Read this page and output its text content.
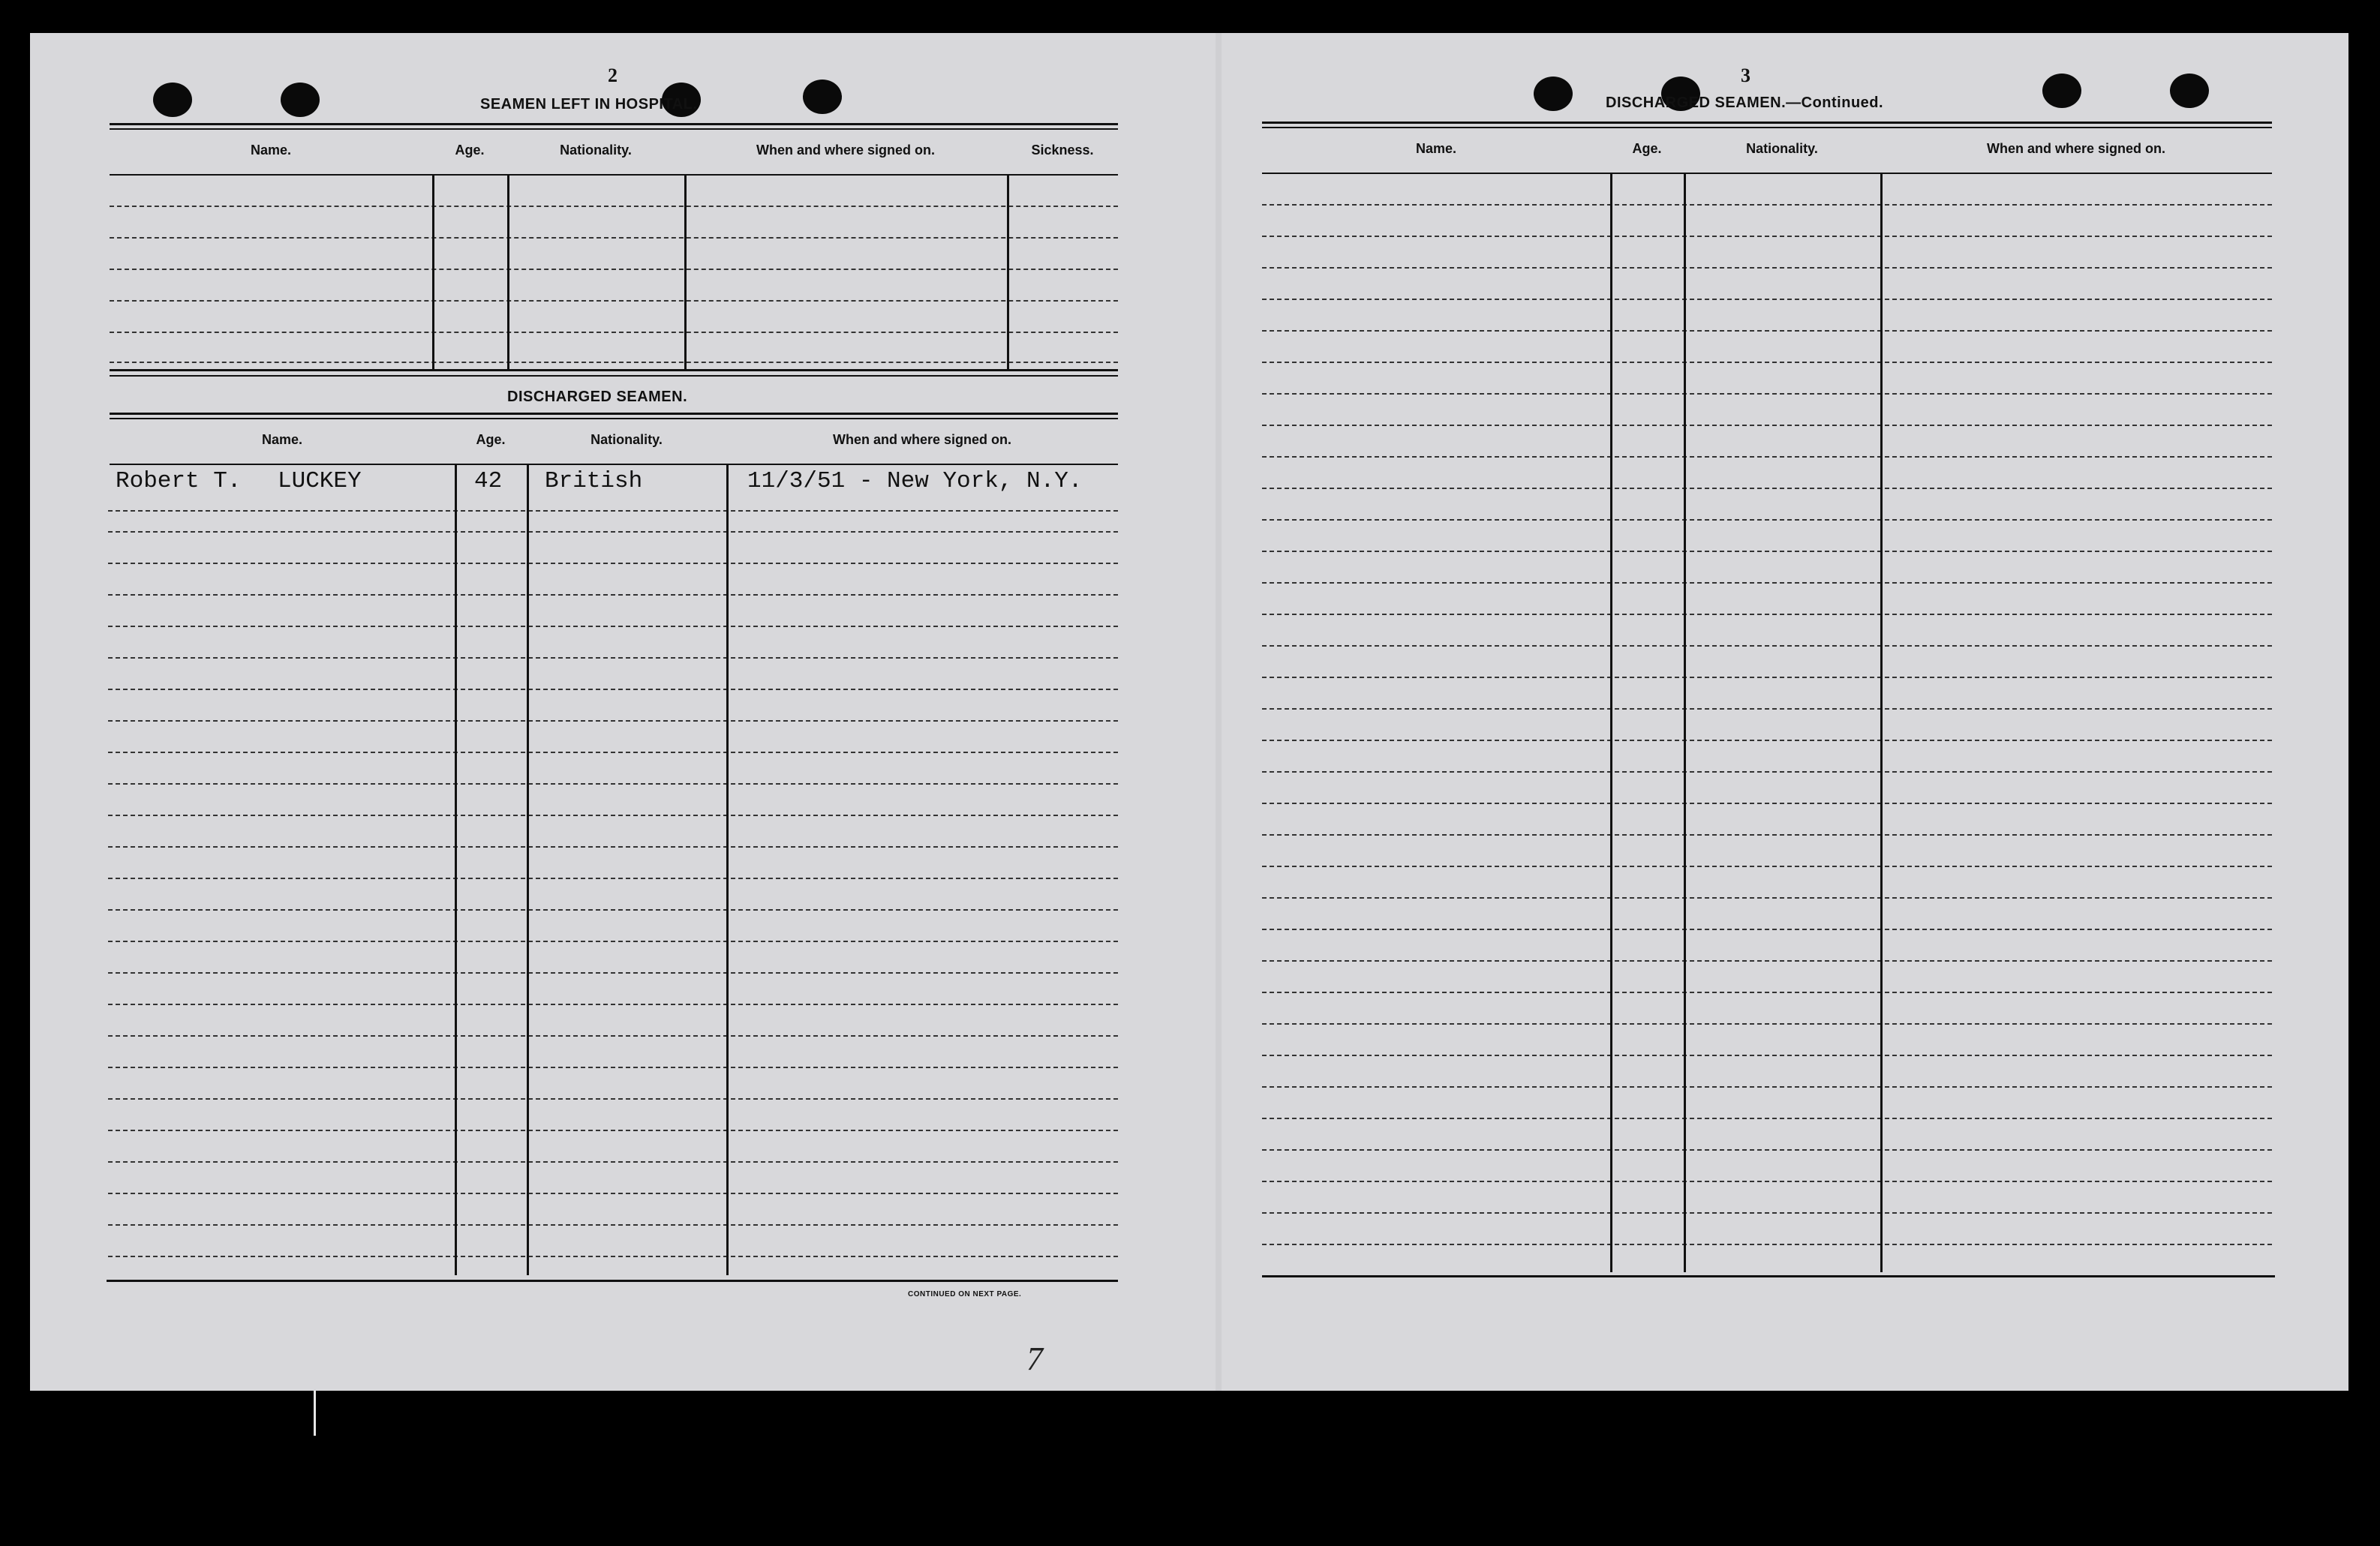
2
SEAMEN LEFT IN HOSPITAL.
Name.	Age.	Nationality.	When and where signed on.	Sickness.
DISCHARGED SEAMEN.
Name.	Age.	Nationality.	When and where signed on.
Robert T. LUCKEY	42 British	11/3/51 - New York, N.Y.
CONTINUED ON NEXT PAGE.
3
DISCHARGED SEAMEN.—Continued.
Name.	Age.	Nationality.	When and where signed on.
7
